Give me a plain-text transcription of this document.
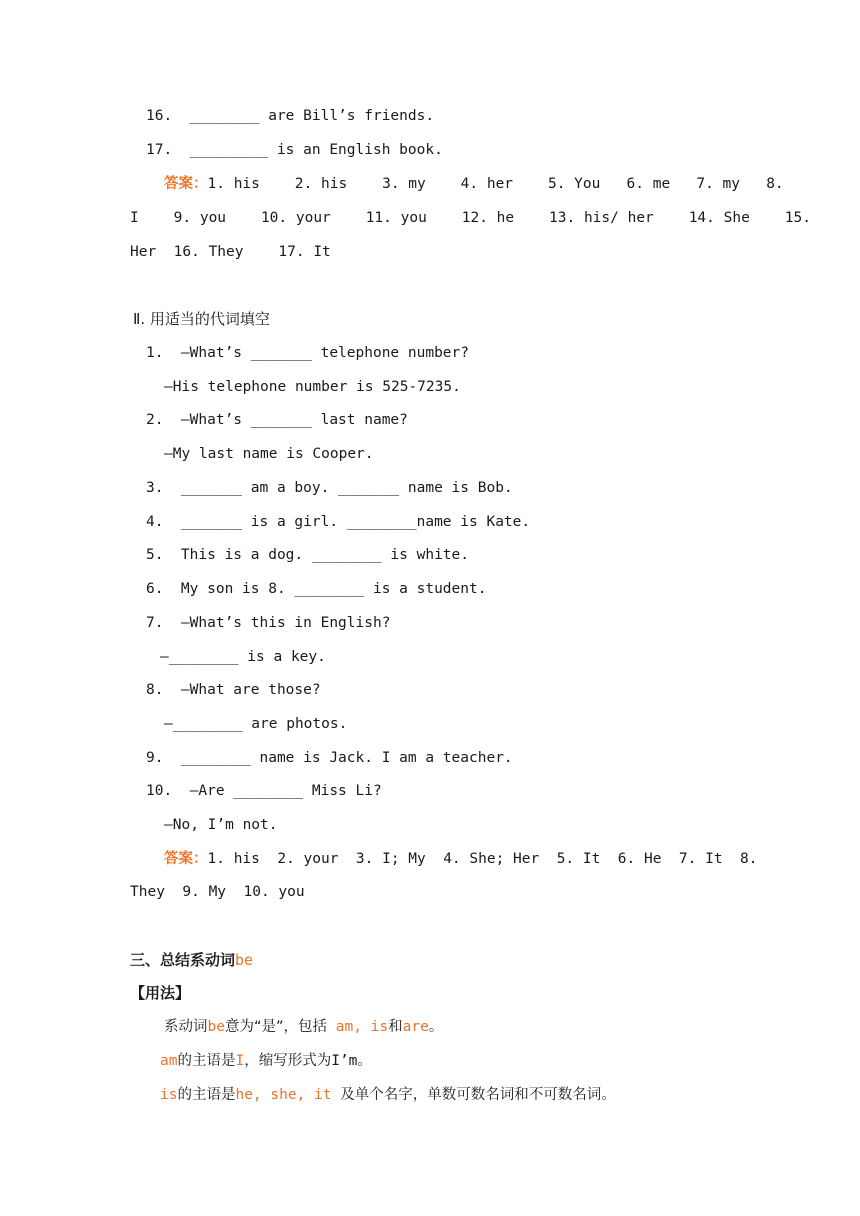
16.  ________ are Bill’s friends.
17.  _________ is an English book.
答案：1. his    2. his    3. my    4. her    5. You   6. me   7. my   8.
I    9. you    10. your    11. you    12. he    13. his/ her    14. She    15.
Her  16. They    17. It
Ⅱ. 用适当的代词填空
1.  —What’s _______ telephone number?
—His telephone number is 525-7235.
2.  —What’s _______ last name?
—My last name is Cooper.
3.  _______ am a boy. _______ name is Bob.
4.  _______ is a girl. ________name is Kate.
5.  This is a dog. ________ is white.
6.  My son is 8. ________ is a student.
7.  —What’s this in English?
—________ is a key.
8.  —What are those?
—________ are photos.
9.  ________ name is Jack. I am a teacher.
10.  —Are ________ Miss Li?
—No, I’m not.
答案：1. his  2. your  3. I; My  4. She; Her  5. It  6. He  7. It  8.
They  9. My  10. you
三、总结系动词be
【用法】
系动词be意为“是”，包括 am, is和are。
am的主语是I，缩写形式为I’m。
is的主语是he, she, it 及单个名字，单数可数名词和不可数名词。
